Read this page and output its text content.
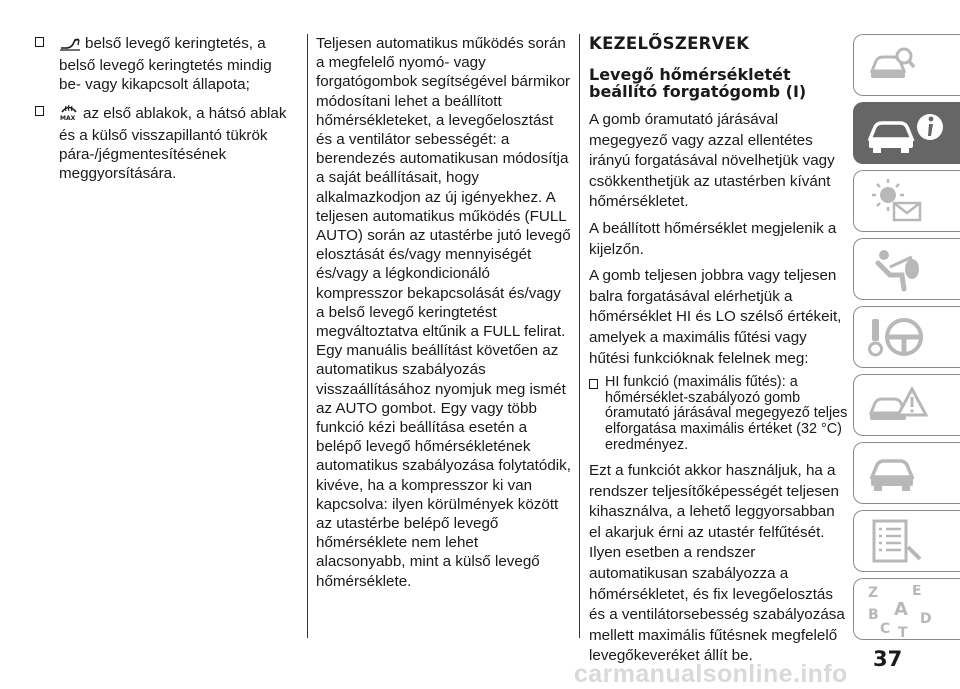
belső levegő keringtetés, a belső levegő keringtetés mindig be- vagy kikapcsolt állapota;
MAX az első ablakok, a hátsó ablak és a külső visszapillantó tükrök pára-/jégmentesítésének meggyorsítására.

Teljesen automatikus működés során a megfelelő nyomó- vagy forgatógombok segítségével bármikor módosítani lehet a beállított hőmérsékleteket, a levegőelosztást és a ventilátor sebességét: a berendezés automatikusan módosítja a saját beállításait, hogy alkalmazkodjon az új igényekhez. A teljesen automatikus működés (FULL AUTO) során az utastérbe jutó levegő elosztását és/vagy mennyiségét és/vagy a légkondicionáló kompresszor bekapcsolását és/vagy a belső levegő keringtetést megváltoztatva eltűnik a FULL felirat. Egy manuális beállítást követően az automatikus szabályozás visszaállításához nyomjuk meg ismét az AUTO gombot. Egy vagy több funkció kézi beállítása esetén a belépő levegő hőmérsékletének automatikus szabályozása folytatódik, kivéve, ha a kompresszor ki van kapcsolva: ilyen körülmények között az utastérbe belépő levegő hőmérséklete nem lehet alacsonyabb, mint a külső levegő hőmérséklete.

KEZELŐSZERVEK
Levegő hőmérsékletét
beállító forgatógomb (I)

A gomb óramutató járásával megegyező vagy azzal ellentétes irányú forgatásával növelhetjük vagy csökkenthetjük az utastérben kívánt hőmérsékletet.

A beállított hőmérséklet megjelenik a kijelzőn.

A gomb teljesen jobbra vagy teljesen balra forgatásával elérhetjük a hőmérséklet HI és LO szélső értékeit, amelyek a maximális fűtési vagy hűtési funkcióknak felelnek meg:

HI funkció (maximális fűtés): a hőmérséklet-szabályozó gomb óramutató járásával megegyező teljes elforgatása maximális értéket (32 °C) eredményez.

Ezt a funkciót akkor használjuk, ha a rendszer teljesítőképességét teljesen kihasználva, a lehető leggyorsabban el akarjuk érni az utastér felfűtését. Ilyen esetben a rendszer automatikusan szabályozza a hőmérsékletet, és fix levegőelosztás és a ventilátorsebesség szabályozása mellett maximális fűtésnek megfelelő levegőkeveréket állít be.

Z E
A
B
C T
D
37
carmanualsonline.info
